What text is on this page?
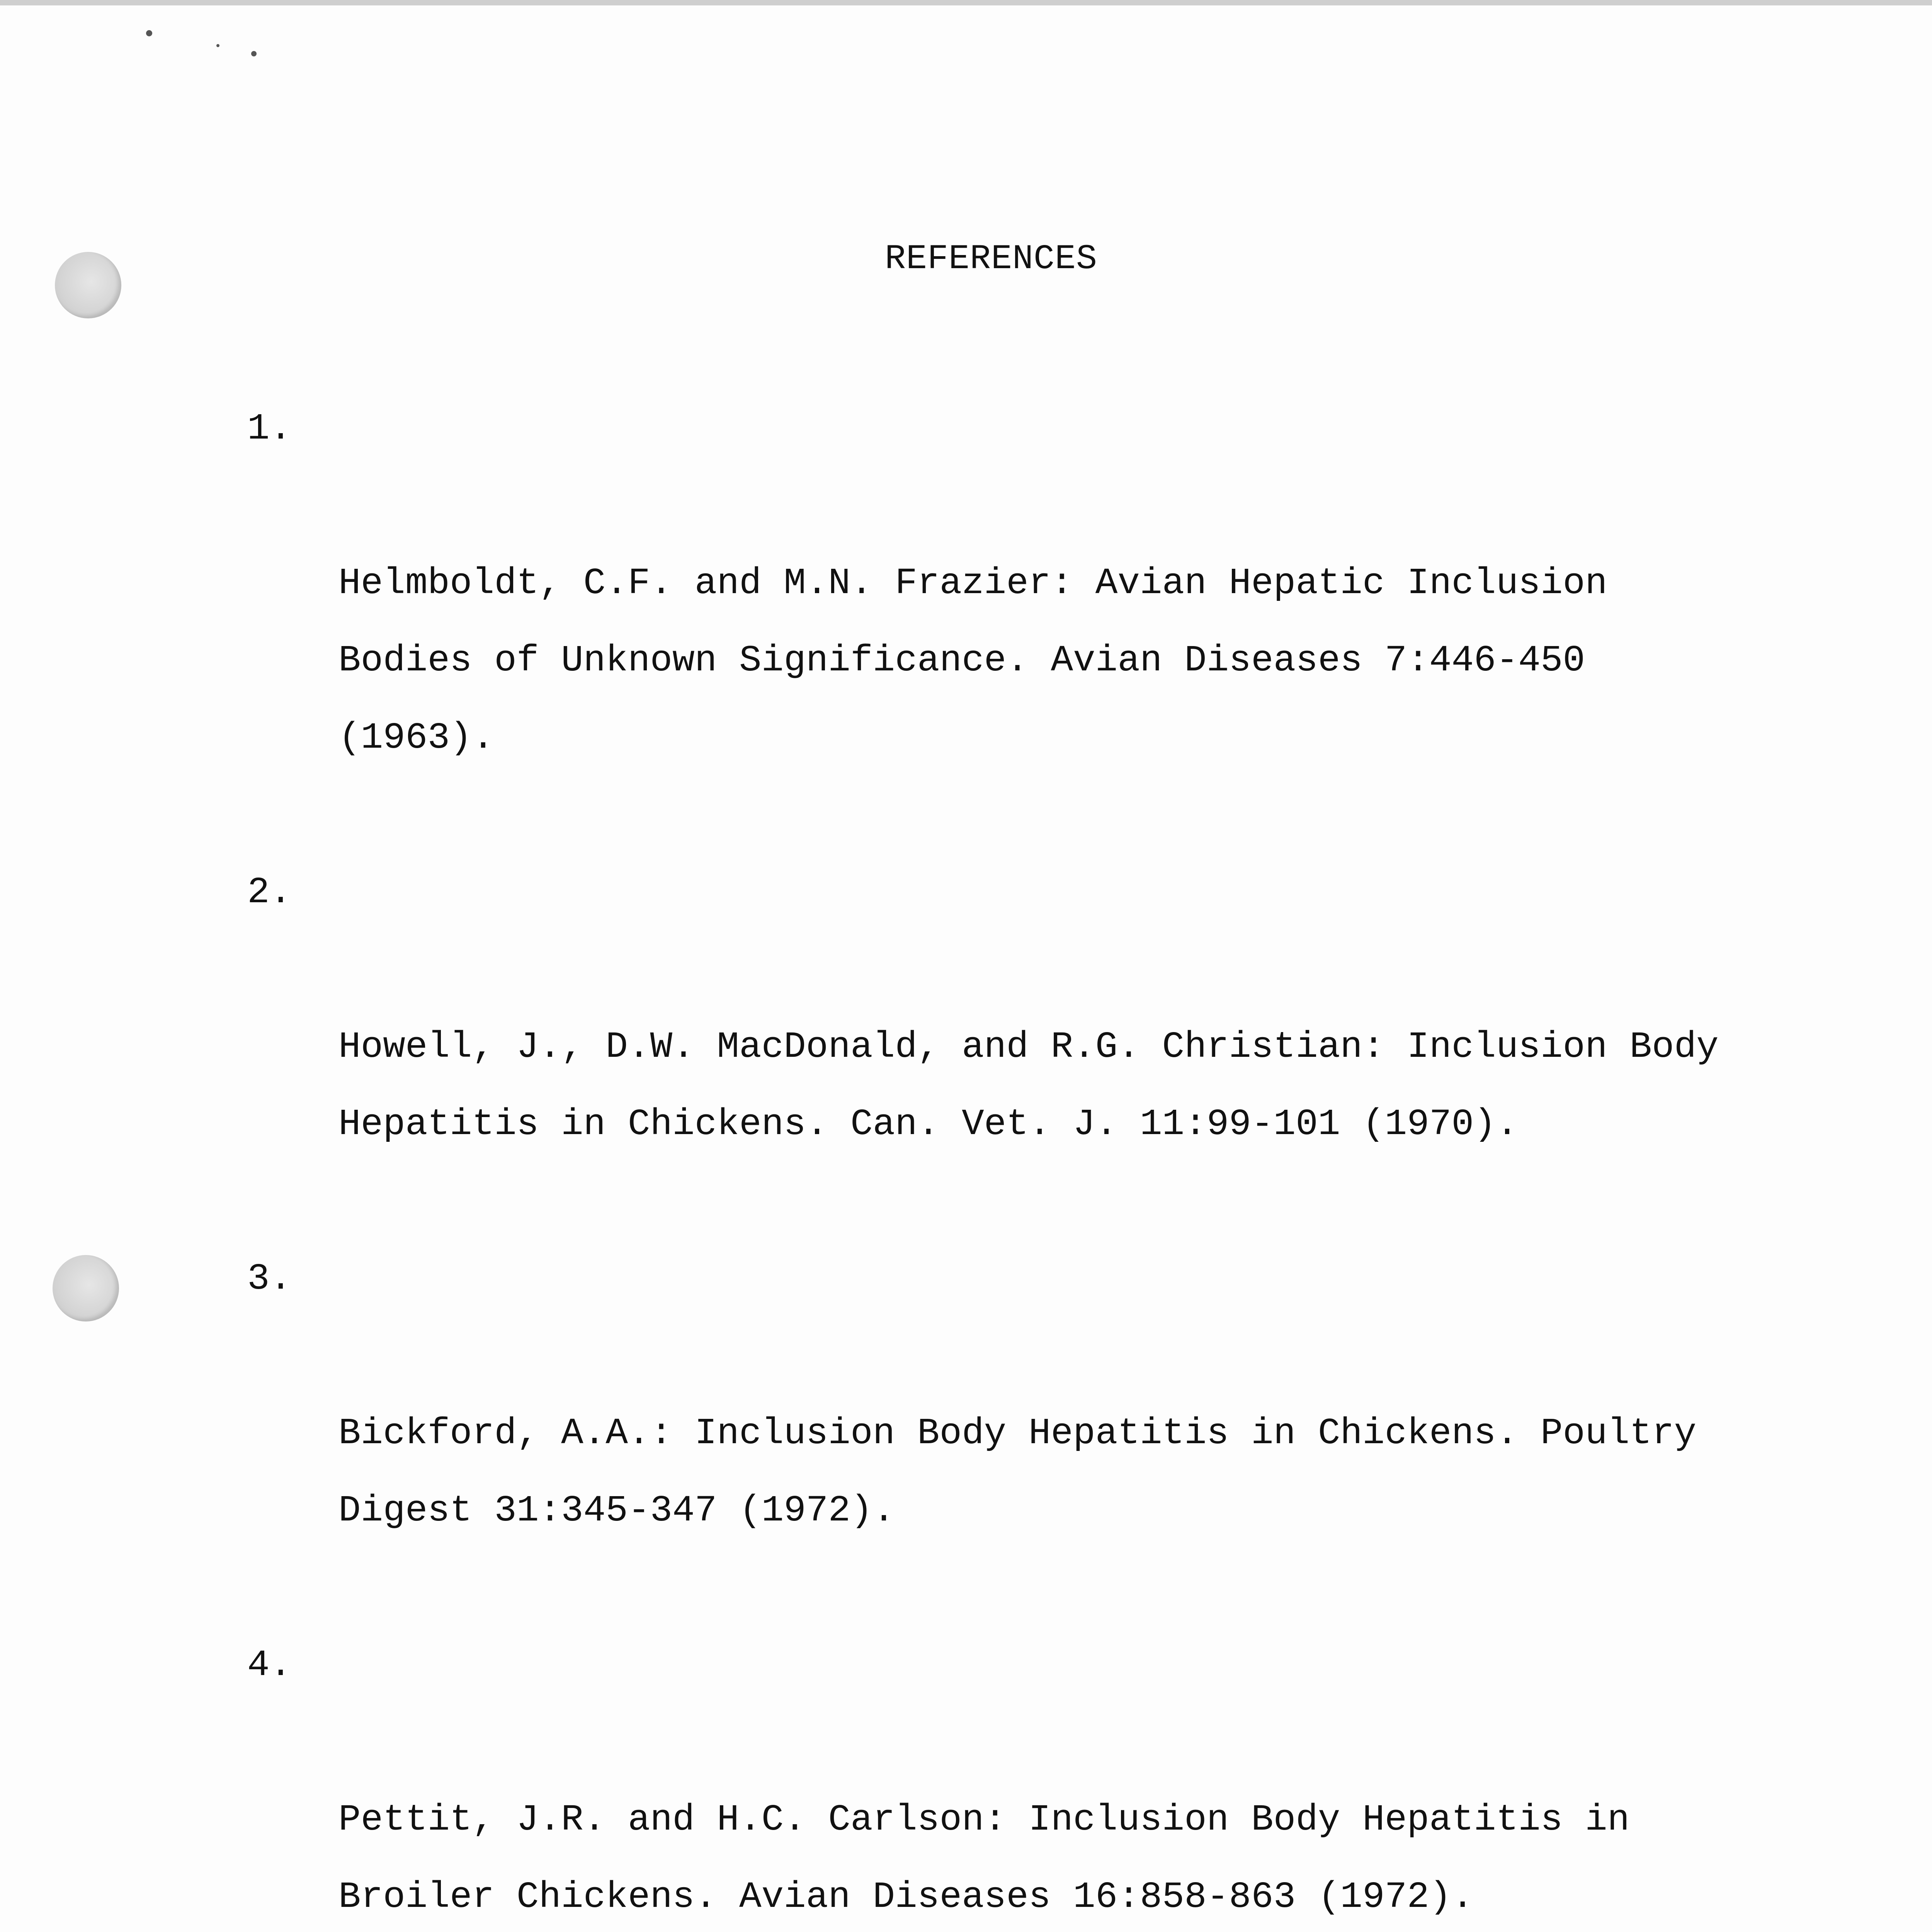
REFERENCES

1.

Helmboldt, C.F. and M.N. Frazier: Avian Hepatic Inclusion
Bodies of Unknown Significance. Avian Diseases 7:446-450
(1963).

2.

Howell, J., D.W. MacDonald, and R.G. Christian: Inclusion Body
Hepatitis in Chickens. Can. Vet. J. 11:99-101 (1970).

3.

Bickford, A.A.: Inclusion Body Hepatitis in Chickens. Poultry
Digest 31:345-347 (1972).

4.

Pettit, J.R. and H.C. Carlson: Inclusion Body Hepatitis in
Broiler Chickens. Avian Diseases 16:858-863 (1972).
